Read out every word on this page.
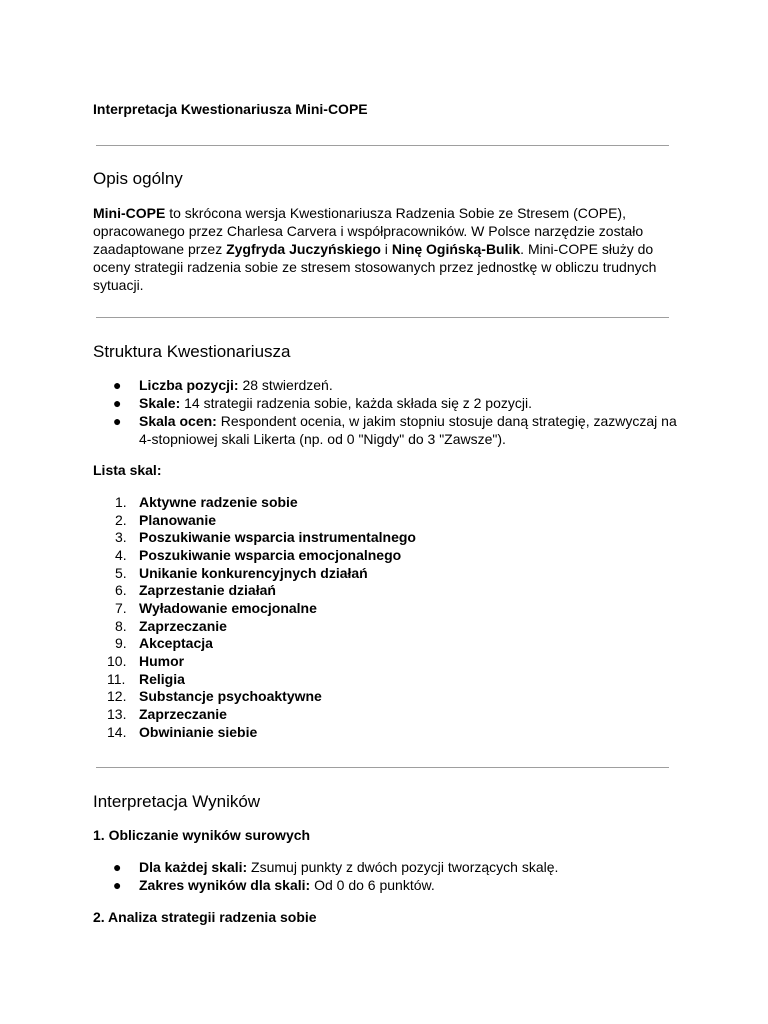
Interpretacja Kwestionariusza Mini-COPE
Opis ogólny
Mini-COPE to skrócona wersja Kwestionariusza Radzenia Sobie ze Stresem (COPE), opracowanego przez Charlesa Carvera i współpracowników. W Polsce narzędzie zostało zaadaptowane przez Zygfryda Juczyńskiego i Ninę Ogińską-Bulik. Mini-COPE służy do oceny strategii radzenia sobie ze stresem stosowanych przez jednostkę w obliczu trudnych sytuacji.
Struktura Kwestionariusza
● Liczba pozycji: 28 stwierdzeń.
● Skale: 14 strategii radzenia sobie, każda składa się z 2 pozycji.
● Skala ocen: Respondent ocenia, w jakim stopniu stosuje daną strategię, zazwyczaj na 4-stopniowej skali Likerta (np. od 0 "Nigdy" do 3 "Zawsze").
Lista skal:
1. Aktywne radzenie sobie
2. Planowanie
3. Poszukiwanie wsparcia instrumentalnego
4. Poszukiwanie wsparcia emocjonalnego
5. Unikanie konkurencyjnych działań
6. Zaprzestanie działań
7. Wyładowanie emocjonalne
8. Zaprzeczanie
9. Akceptacja
10. Humor
11. Religia
12. Substancje psychoaktywne
13. Zaprzeczanie
14. Obwinianie siebie
Interpretacja Wyników
1. Obliczanie wyników surowych
● Dla każdej skali: Zsumuj punkty z dwóch pozycji tworzących skalę.
● Zakres wyników dla skali: Od 0 do 6 punktów.
2. Analiza strategii radzenia sobie
